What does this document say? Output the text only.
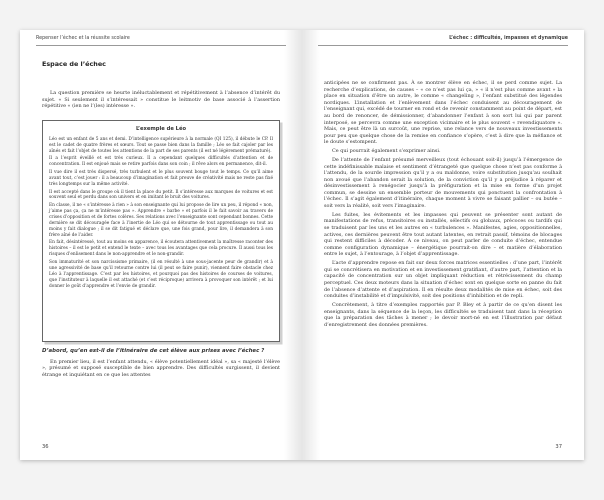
Repenser l’échec et la réussite scolaire
Espace de l’échec

La question première se heurte inéluctablement et répétitivement à l’absence d’intérêt du sujet. « Si seulement il s’intéressait » constitue le leitmotiv de base associé à l’assertion répétitive « (ien ne l’(les) intéresse ».

L’exemple de Léo

Léo est un enfant de 5 ans et demi. D’intelligence supérieure à la normale (QI 125), il débute le CP. Il est le cadet de quatre frères et sœurs. Tout se passe bien dans la famille ; Léo se fait cajoler par les aînés et fait l’objet de toutes les attentions de la part de ses parents (il est né légèrement prématuré).

Il a l’esprit éveillé et est très curieux. Il a cependant quelques difficultés d’attention et de concentration. Il est enjoué mais se retire parfois dans son coin ; il rêve alors en permanence, dit-il.

Il vue dire il est très dispersé, très turbulent et le plus souvent bouge tout le temps. Ce qu’il aime avant tout, c’est jouer : il a beaucoup d’imagination et fait preuve de créativité mais ne reste pas fixé très longtemps sur la même activité.

Il est accepté dans le groupe où il tient la place du petit. Il s’intéresse aux marques de voitures et est souvent seul et perdu dans son univers et en imitant le bruit des voitures.

En classe, il ne « s’intéresse à rien » à son enseignante qui lui propose de lire un peu, il répond « non, j’aime pas ça, ça ne m’intéresse pas ». Apprendre « barbe » et parfois il le fait savoir au travers de crises d’opposition et de fortes colères. Ses relations avec l’enseignante sont cependant bonnes. Cette dernière se dit découragée face à l’inertie de Léo qui se détourne de tout apprentissage ou tout au moins y fait dialogue ; il se dit fatigué et déclare que, une fois grand, pour lire, il demandera à son frère aîné de l’aider.

En fait, désintéressé, tout au moins en apparence, il écoutera attentivement la maîtresse raconter des histoires – il est le petit et entend le texte – avec tous les avantages que cela procure. Il aussi tous les risques d’enlisement dans le non-apprendre et le non-grandir.

Son immaturité et son narcissisme primaire, (il en résulté à une sous-jacente peur de grandir) et à une agressivité de base qu’il retourne contre lui (il peut se faire punir), viennent faire obstacle chez Léo à l’apprentissage. C’est par les histoires, et pourquoi pas des histoires de courses de voitures, que l’instituteur à laquelle il est attaché (et c’est réciproque) arrivera à provoquer son intérêt ; et lui donner le goût d’apprendre et l’envie de grandir.

D’abord, qu’en est-il de l’itinéraire de cet élève aux prises avec l’échec ?

En premier lieu, il est l’enfant attendu, « élève potentiellement idéal », sa « majesté l’élève », présumé et supposé susceptible de bien apprendre. Des difficultés surgissent, il devient étrange et inquiétant en ce que les attentes

36
L’échec : difficultés, impasses et dynamique

anticipées ne se confirment pas. À se montrer élève en échec, il se perd comme sujet. La recherche d’explications, de causes – « ce n’est pas lui ça, » « il n’est plus comme avant » la place en situation d’être un autre, le comme « changeling », l’enfant substitué des légendes nordiques. L’installation et l’enlèvement dans l’échec conduisent au découragement de l’enseignant qui, excédé de tourner en rond et de revenir constamment au point de départ, est au bord de renoncer, de démissionner, d’abandonner l’enfant à son sort lui qui par parent interposé, se percevra comme une exception vicimaire et le plus souvent « revendiquatore ». Mais, ce peut être là un surcoût, une reprise, une relance vers de nouveaux investissements pour peu que quelque chose de la remise en confiance s’opère, c’est à dire que la méfiance et le doute s’estompent.

Ce qui pourrait également s’exprimer ainsi.

De l’attente de l’enfant présumé merveilleux (tout échouant soit-il) jusqu’à l’émergence de cette indéfinissable malaise et sentiment d’étrangeté que quelque chose n’est pas conforme à l’attendu, de la sourde impression qu’il y a ou maldonne, voire substitution jusqu’au soulhait non avoué que l’abandon serait la solution, de la conviction qu’il y a préjudice à réparer et désinvestissement à renégocier jusqu’à la préfiguration et la mise en forme d’un projet commun, se dessine un ensemble porteur de mouvements qui ponctuent la confrontation à l’échec. Il s’agit également d’itinéraire, chaque moment à vivre se faisant pallier – ou butée – soit vers la réalité, soit vers l’imaginaire.

Les fuites, les évitements et les impasses qui peuvent se présenter sont autant de manifestations de refus, transitoires ou installés, sélectifs ou globaux, précoces ou tardifs qui se traduisent par les uns et les autres en « turbulences ». Manifestes, agies, oppositionnelles, actives, ces dernières peuvent être tout autant latentes, en retrait passif, témoins de blocages qui restent difficiles à décoder. À ce niveau, on peut parler de conduite d’échec, entendue comme configuration dynamique – énergétique pourrait-on dire – et matière d’élaboration entre le sujet, à l’entourage, à l’objet d’apprentissage.

L’acte d’apprendre repose en fait sur deux forces matrices essentielles : d’une part, l’intérêt qui se concrétisera en motivation et en investissement gratifiant, d’autre part, l’attention et la capacité de concentration sur un objet impliquant réduction et rétrécissement du champ perceptuel. Ces deux moteurs dans la situation d’échec sont en quelque sorte en panne du fait de l’absence d’attente et d’aspiration. Il en résulte deux modalités de mise en échec, soit des conduites d’instabilité et d’impulsivité, soit des positions d’inhibition et de repli.

Concrètement, à titre d’exemples rapportés par P. Bley et à partir de ce qu’en disent les enseignants, dans la séquence de la leçon, les difficultés se traduisent tant dans la réception que la préparation des tâches à mener ; le devoir mort-né en est l’illustration par défaut d’enregistrement des données premières.

37
